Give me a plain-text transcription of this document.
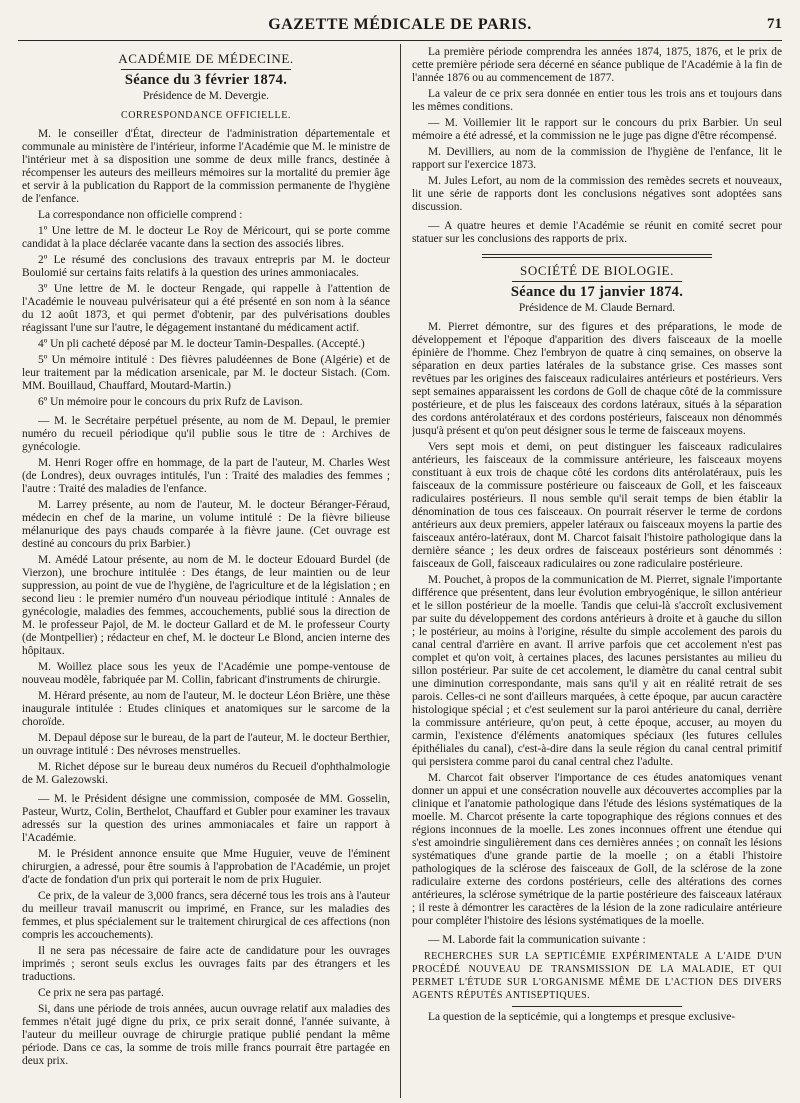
GAZETTE MÉDICALE DE PARIS.	71
ACADÉMIE DE MÉDECINE.
Séance du 3 février 1874.
Présidence de M. Devergie.
CORRESPONDANCE OFFICIELLE.

M. le conseiller d'État, directeur de l'administration départementale et communale au ministère de l'intérieur, informe l'Académie que M. le ministre de l'intérieur met à sa disposition une somme de deux mille francs, destinée à récompenser les auteurs des meilleurs mémoires sur la mortalité du premier âge et servir à la publication du Rapport de la commission permanente de l'hygiène de l'enfance.

La correspondance non officielle comprend :

1º Une lettre de M. le docteur Le Roy de Méricourt, qui se porte comme candidat à la place déclarée vacante dans la section des associés libres.

2º Le résumé des conclusions des travaux entrepris par M. le docteur Boulomié sur certains faits relatifs à la question des urines ammoniacales.

3º Une lettre de M. le docteur Rengade, qui rappelle à l'attention de l'Académie le nouveau pulvérisateur qui a été présenté en son nom à la séance du 12 août 1873, et qui permet d'obtenir, par des pulvérisations doubles réagissant l'une sur l'autre, le dégagement instantané du médicament actif.

4º Un pli cacheté déposé par M. le docteur Tamin-Despalles. (Accepté.)

5º Un mémoire intitulé : Des fièvres paludéennes de Bone (Algérie) et de leur traitement par la médication arsenicale, par M. le docteur Sistach. (Com. MM. Bouillaud, Chauffard, Moutard-Martin.)

6º Un mémoire pour le concours du prix Rufz de Lavison.

— M. le Secrétaire perpétuel présente, au nom de M. Depaul, le premier numéro du recueil périodique qu'il publie sous le titre de : Archives de gynécologie.

M. Henri Roger offre en hommage, de la part de l'auteur, M. Charles West (de Londres), deux ouvrages intitulés, l'un : Traité des maladies des femmes ; l'autre : Traité des maladies de l'enfance.

M. Larrey présente, au nom de l'auteur, M. le docteur Béranger-Féraud, médecin en chef de la marine, un volume intitulé : De la fièvre bilieuse mélanurique des pays chauds comparée à la fièvre jaune. (Cet ouvrage est destiné au concours du prix Barbier.)

M. Amédé Latour présente, au nom de M. le docteur Edouard Burdel (de Vierzon), une brochure intitulée : Des étangs, de leur maintien ou de leur suppression, au point de vue de l'hygiène, de l'agriculture et de la législation ; en second lieu : le premier numéro d'un nouveau périodique intitulé : Annales de gynécologie, maladies des femmes, accouchements, publié sous la direction de M. le professeur Pajol, de M. le docteur Gallard et de M. le professeur Courty (de Montpellier) ; rédacteur en chef, M. le docteur Le Blond, ancien interne des hôpitaux.

M. Woillez place sous les yeux de l'Académie une pompe-ventouse de nouveau modèle, fabriquée par M. Collin, fabricant d'instruments de chirurgie.

M. Hérard présente, au nom de l'auteur, M. le docteur Léon Brière, une thèse inaugurale intitulée : Etudes cliniques et anatomiques sur le sarcome de la choroïde.

M. Depaul dépose sur le bureau, de la part de l'auteur, M. le docteur Berthier, un ouvrage intitulé : Des névroses menstruelles.

M. Richet dépose sur le bureau deux numéros du Recueil d'ophthalmologie de M. Galezowski.

— M. le Président désigne une commission, composée de MM. Gosselin, Pasteur, Wurtz, Colin, Berthelot, Chauffard et Gubler pour examiner les travaux adressés sur la question des urines ammoniacales et faire un rapport à l'Académie.

M. le Président annonce ensuite que Mme Huguier, veuve de l'éminent chirurgien, a adressé, pour être soumis à l'approbation de l'Académie, un projet d'acte de fondation d'un prix qui porterait le nom de prix Huguier.

Ce prix, de la valeur de 3,000 francs, sera décerné tous les trois ans à l'auteur du meilleur travail manuscrit ou imprimé, en France, sur les maladies des femmes, et plus spécialement sur le traitement chirurgical de ces affections (non compris les accouchements).

Il ne sera pas nécessaire de faire acte de candidature pour les ouvrages imprimés ; seront seuls exclus les ouvrages faits par des étrangers et les traductions.

Ce prix ne sera pas partagé.

Si, dans une période de trois années, aucun ouvrage relatif aux maladies des femmes n'était jugé digne du prix, ce prix serait donné, l'année suivante, à l'auteur du meilleur ouvrage de chirurgie pratique publié pendant la même période. Dans ce cas, la somme de trois mille francs pourrait être partagée en deux prix.

La première période comprendra les années 1874, 1875, 1876, et le prix de cette première période sera décerné en séance publique de l'Académie à la fin de l'année 1876 ou au commencement de 1877.

La valeur de ce prix sera donnée en entier tous les trois ans et toujours dans les mêmes conditions.

— M. Voillemier lit le rapport sur le concours du prix Barbier. Un seul mémoire a été adressé, et la commission ne le juge pas digne d'être récompensé.

M. Devilliers, au nom de la commission de l'hygiène de l'enfance, lit le rapport sur l'exercice 1873.

M. Jules Lefort, au nom de la commission des remèdes secrets et nouveaux, lit une série de rapports dont les conclusions négatives sont adoptées sans discussion.

— A quatre heures et demie l'Académie se réunit en comité secret pour statuer sur les conclusions des rapports de prix.

SOCIÉTÉ DE BIOLOGIE.
Séance du 17 janvier 1874.
Présidence de M. Claude Bernard.

M. Pierret démontre, sur des figures et des préparations, le mode de développement et l'époque d'apparition des divers faisceaux de la moelle épinière de l'homme. Chez l'embryon de quatre à cinq semaines, on observe la séparation en deux parties latérales de la substance grise. Ces masses sont revêtues par les origines des faisceaux radiculaires antérieurs et postérieurs. Vers sept semaines apparaissent les cordons de Goll de chaque côté de la commissure postérieure, et de plus les faisceaux des cordons latéraux, situés à la séparation des cordons antérolatéraux et des cordons postérieurs, faisceaux non dénommés jusqu'à présent et qu'on peut désigner sous le terme de faisceaux moyens.

Vers sept mois et demi, on peut distinguer les faisceaux radiculaires antérieurs, les faisceaux de la commissure antérieure, les faisceaux moyens constituant à eux trois de chaque côté les cordons dits antérolatéraux, puis les faisceaux de la commissure postérieure ou faisceaux de Goll, et les faisceaux radiculaires postérieurs. Il nous semble qu'il serait temps de bien établir la dénomination de tous ces faisceaux. On pourrait réserver le terme de cordons antérieurs aux deux premiers, appeler latéraux ou faisceaux moyens la partie des faisceaux antéro-latéraux, dont M. Charcot faisait l'histoire pathologique dans la dernière séance ; les deux ordres de faisceaux postérieurs sont dénommés : faisceaux de Goll, faisceaux radiculaires ou zone radiculaire postérieure.

M. Pouchet, à propos de la communication de M. Pierret, signale l'importante différence que présentent, dans leur évolution embryogénique, le sillon antérieur et le sillon postérieur de la moelle. Tandis que celui-là s'accroît exclusivement par suite du développement des cordons antérieurs à droite et à gauche du sillon ; le postérieur, au moins à l'origine, résulte du simple accolement des parois du canal central d'arrière en avant. Il arrive parfois que cet accolement n'est pas complet et qu'on voit, à certaines places, des lacunes persistantes au milieu du sillon postérieur. Par suite de cet accolement, le diamètre du canal central subit une diminution correspondante, mais sans qu'il y ait en réalité retrait de ses parois. Celles-ci ne sont d'ailleurs marquées, à cette époque, par aucun caractère histologique spécial ; et c'est seulement sur la paroi antérieure du canal, derrière la commissure antérieure, qu'on peut, à cette époque, accuser, au moyen du carmin, l'existence d'éléments anatomiques spéciaux (les futures cellules épithéliales du canal), c'est-à-dire dans la seule région du canal central primitif qui persistera comme paroi du canal central chez l'adulte.

M. Charcot fait observer l'importance de ces études anatomiques venant donner un appui et une consécration nouvelle aux découvertes accomplies par la clinique et l'anatomie pathologique dans l'étude des lésions systématiques de la moelle. M. Charcot présente la carte topographique des régions connues et des régions inconnues de la moelle. Les zones inconnues offrent une étendue qui s'est amoindrie singulièrement dans ces dernières années ; on connaît les lésions systématiques d'une grande partie de la moelle ; on a établi l'histoire pathologiques de la sclérose des faisceaux de Goll, de la sclérose de la zone radiculaire externe des cordons postérieurs, celle des altérations des cornes antérieures, la sclérose symétrique de la partie postérieure des faisceaux latéraux ; il reste à démontrer les caractères de la lésion de la zone radiculaire antérieure pour compléter l'histoire des lésions systématiques de la moelle.

— M. Laborde fait la communication suivante :

RECHERCHES SUR LA SEPTICÉMIE EXPÉRIMENTALE A L'AIDE D'UN PROCÉDÉ NOUVEAU DE TRANSMISSION DE LA MALADIE, ET QUI PERMET L'ÉTUDE SUR L'ORGANISME MÊME DE L'ACTION DES DIVERS AGENTS RÉPUTÉS ANTISEPTIQUES.

La question de la septicémie, qui a longtemps et presque exclusive-
